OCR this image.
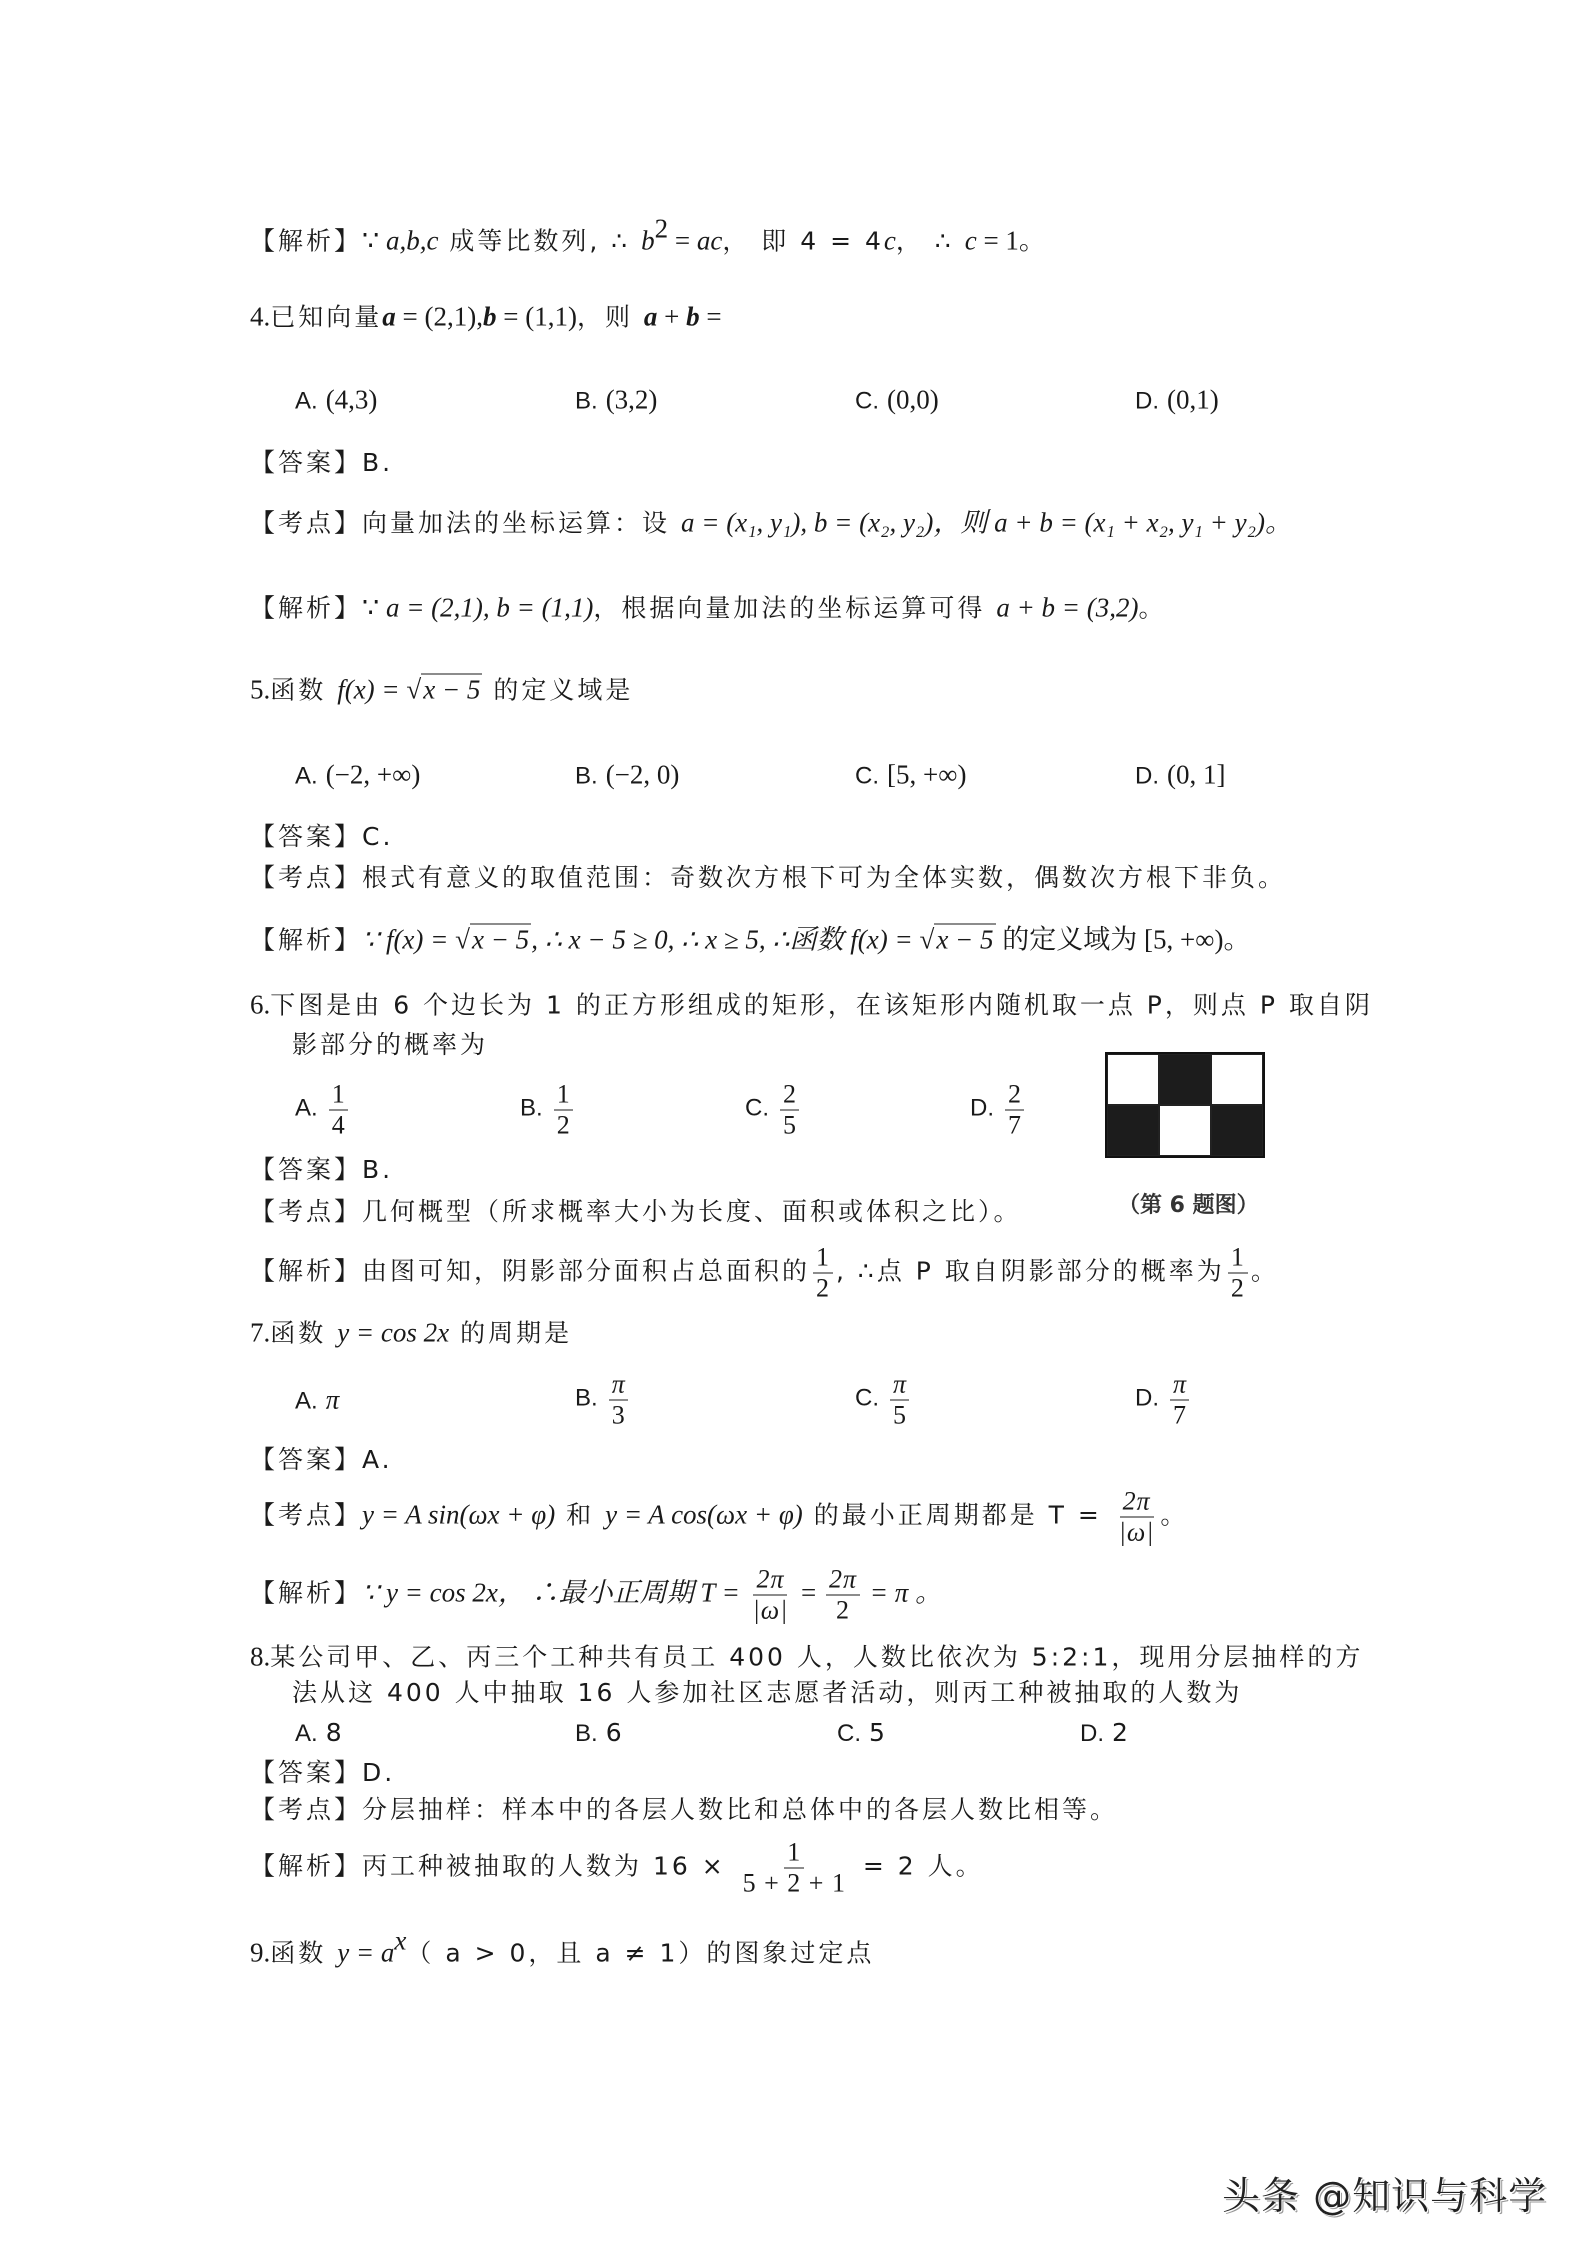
【解析】∵ a,b,c 成等比数列, ∴ $b^2$ = ac， 即 4 = 4c， ∴ c = 1。
4.已知向量a = (2,1),b = (1,1)，则 a + b =
A. (4,3)	B. (3,2)	C. (0,0)	D. (0,1)
【答案】B.
【考点】向量加法的坐标运算：设 a = (x₁, y₁), b = (x₂, y₂)，则 a + b = (x₁ + x₂, y₁ + y₂)。
【解析】∵ a = (2,1), b = (1,1)，根据向量加法的坐标运算可得 a + b = (3,2)。
5.函数 f(x) = √x − 5 的定义域是
A. (−2, +∞)	B. (−2, 0)	C. [5, +∞)	D. (0, 1]
【答案】C.
【考点】根式有意义的取值范围：奇数次方根下可为全体实数，偶数次方根下非负。
【解析】∵ f(x) = √x − 5, ∴ x − 5 ≥ 0, ∴ x ≥ 5, ∴函数 f(x) = √x − 5 的定义域为 [5, +∞)。
6.下图是由 6 个边长为 1 的正方形组成的矩形，在该矩形内随机取一点 P，则点 P 取自阴
影部分的概率为
A. $\frac{1}{4}$	B. $\frac{1}{2}$	C. $\frac{2}{5}$	D. $\frac{2}{7}$
（第 6 题图）
【答案】B.
【考点】几何概型（所求概率大小为长度、面积或体积之比）。
【解析】由图可知，阴影部分面积占总面积的 $\frac{1}{2}$ , ∴点 P 取自阴影部分的概率为 $\frac{1}{2}$ 。
7.函数 y = cos 2x 的周期是
A. π	B. $\frac{\pi}{3}$	C. $\frac{\pi}{5}$	D. $\frac{\pi}{7}$
【答案】A.
【考点】y = A sin(ωx + φ) 和 y = A cos(ωx + φ) 的最小正周期都是 $T = \frac{2\pi}{|\omega|}$ 。
【解析】∵ y = cos 2x， ∴最小正周期 $T = \frac{2\pi}{|\omega|} = \frac{2\pi}{2} = \pi$ 。
8.某公司甲、乙、丙三个工种共有员工 400 人，人数比依次为 5:2:1，现用分层抽样的方
法从这 400 人中抽取 16 人参加社区志愿者活动，则丙工种被抽取的人数为
A. 8	B. 6	C. 5	D. 2
【答案】D.
【考点】分层抽样：样本中的各层人数比和总体中的各层人数比相等。
【解析】丙工种被抽取的人数为 $16 \times \frac{1}{5 + 2 + 1} = 2$ 人。
9.函数 $y = a^x$（ a > 0，且 a ≠ 1）的图象过定点
头条 @知识与科学
